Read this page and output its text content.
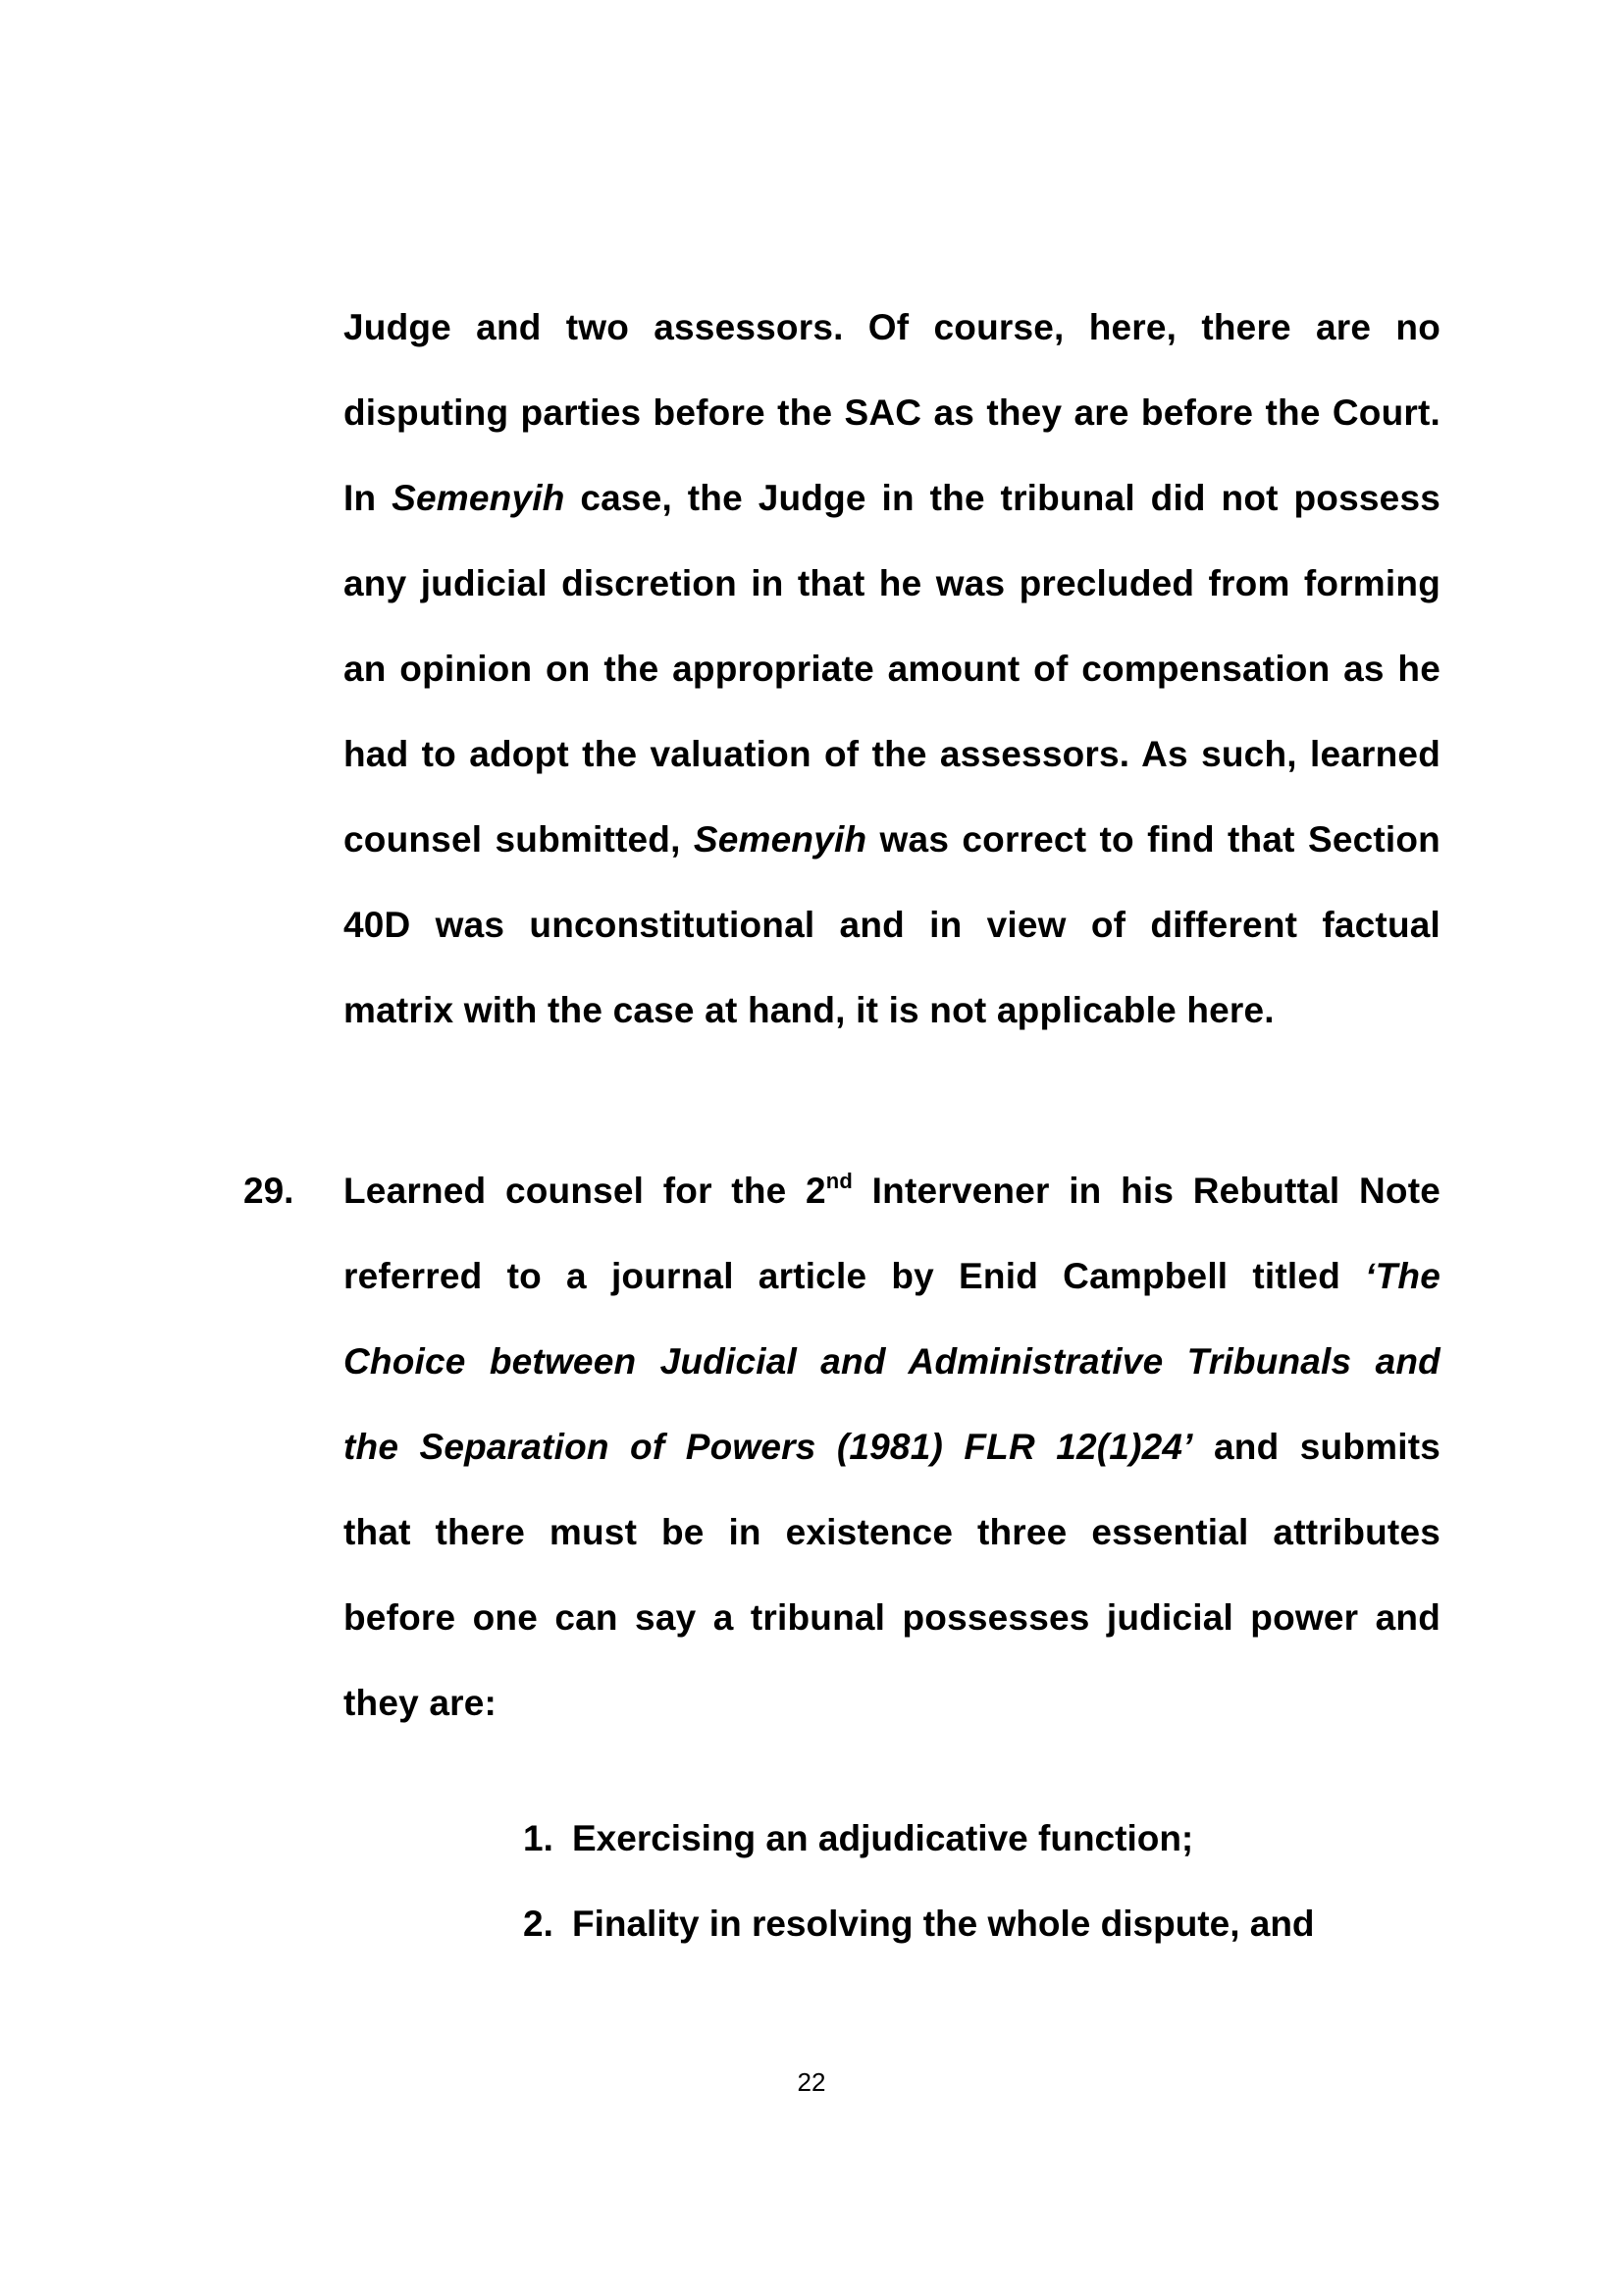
Judge and two assessors. Of course, here, there are no
disputing parties before the SAC as they are before the Court.
In Semenyih case, the Judge in the tribunal did not possess
any judicial discretion in that he was precluded from forming
an opinion on the appropriate amount of compensation as he
had to adopt the valuation of the assessors. As such, learned
counsel submitted, Semenyih was correct to find that Section
40D was unconstitutional and in view of different factual
matrix with the case at hand, it is not applicable here.
29. Learned counsel for the 2nd Intervener in his Rebuttal Note
referred to a journal article by Enid Campbell titled ‘The
Choice between Judicial and Administrative Tribunals and
the Separation of Powers (1981) FLR 12(1)24’ and submits
that there must be in existence three essential attributes
before one can say a tribunal possesses judicial power and
they are:
1. Exercising an adjudicative function;
2. Finality in resolving the whole dispute, and
22
